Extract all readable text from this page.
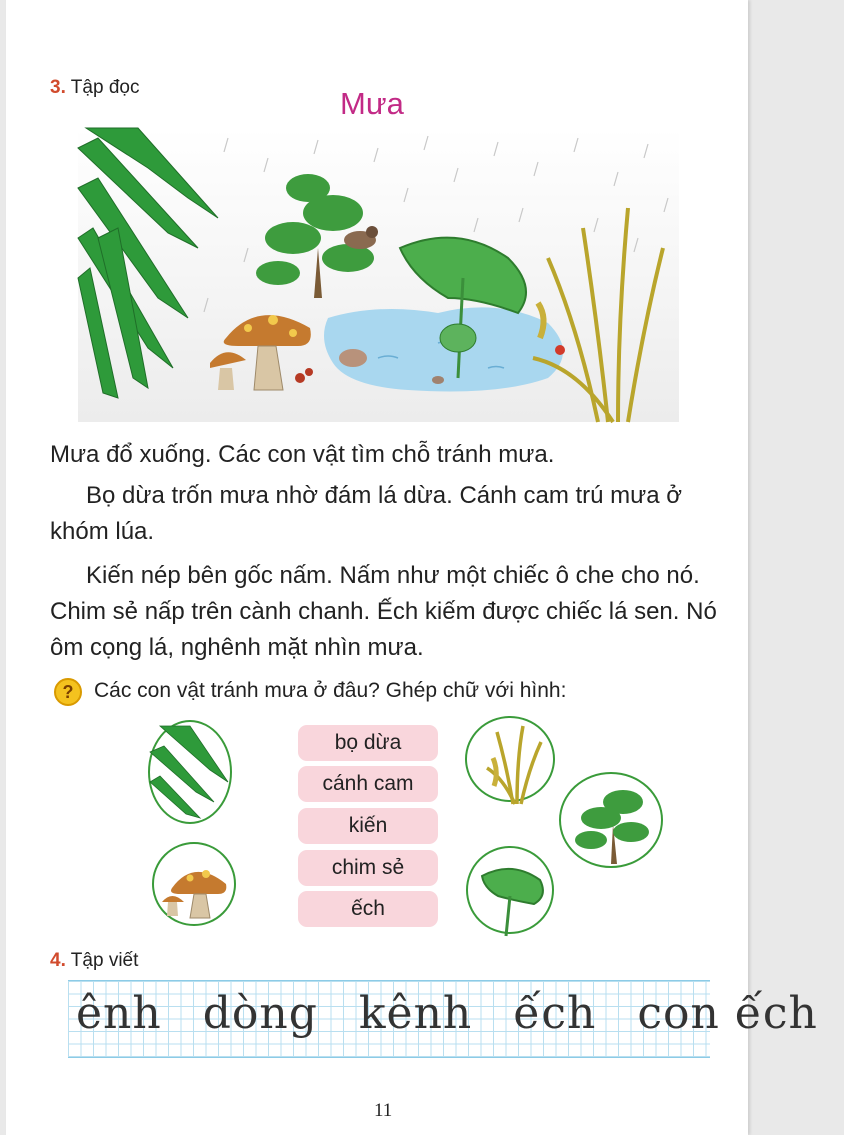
3. Tập đọc	Mưa

Mưa đổ xuống. Các con vật tìm chỗ tránh mưa.

Bọ dừa trốn mưa nhờ đám lá dừa. Cánh cam trú mưa ở khóm lúa.

Kiến nép bên gốc nấm. Nấm như một chiếc ô che cho nó. Chim sẻ nấp trên cành chanh. Ếch kiếm được chiếc lá sen. Nó ôm cọng lá, nghênh mặt nhìn mưa.

? Các con vật tránh mưa ở đâu? Ghép chữ với hình:
bọ dừa
cánh cam
kiến
chim sẻ
ếch
4. Tập viết
ênh dòng kênh ếch con ếch
11
